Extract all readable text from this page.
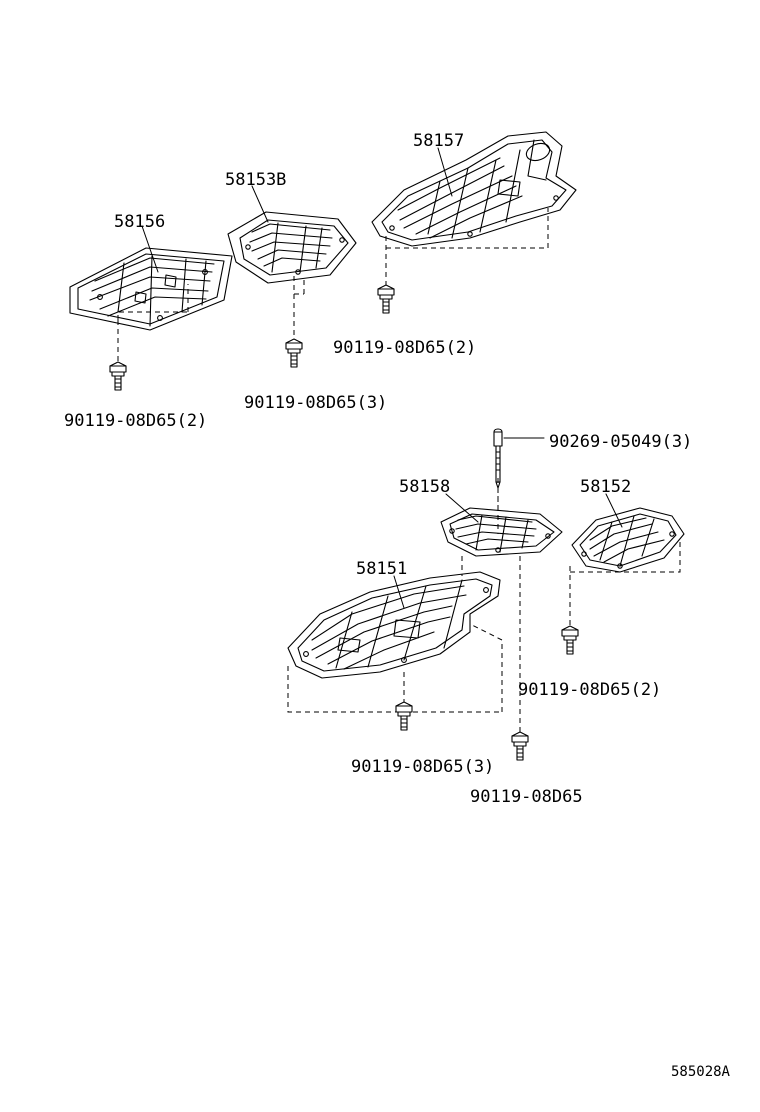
58156
58153B
58157
90119-08D65(2)
90119-08D65(3)
90119-08D65(2)
90269-05049(3)
58158	58152
58151
90119-08D65(2)
90119-08D65(3)
90119-08D65
585028A
